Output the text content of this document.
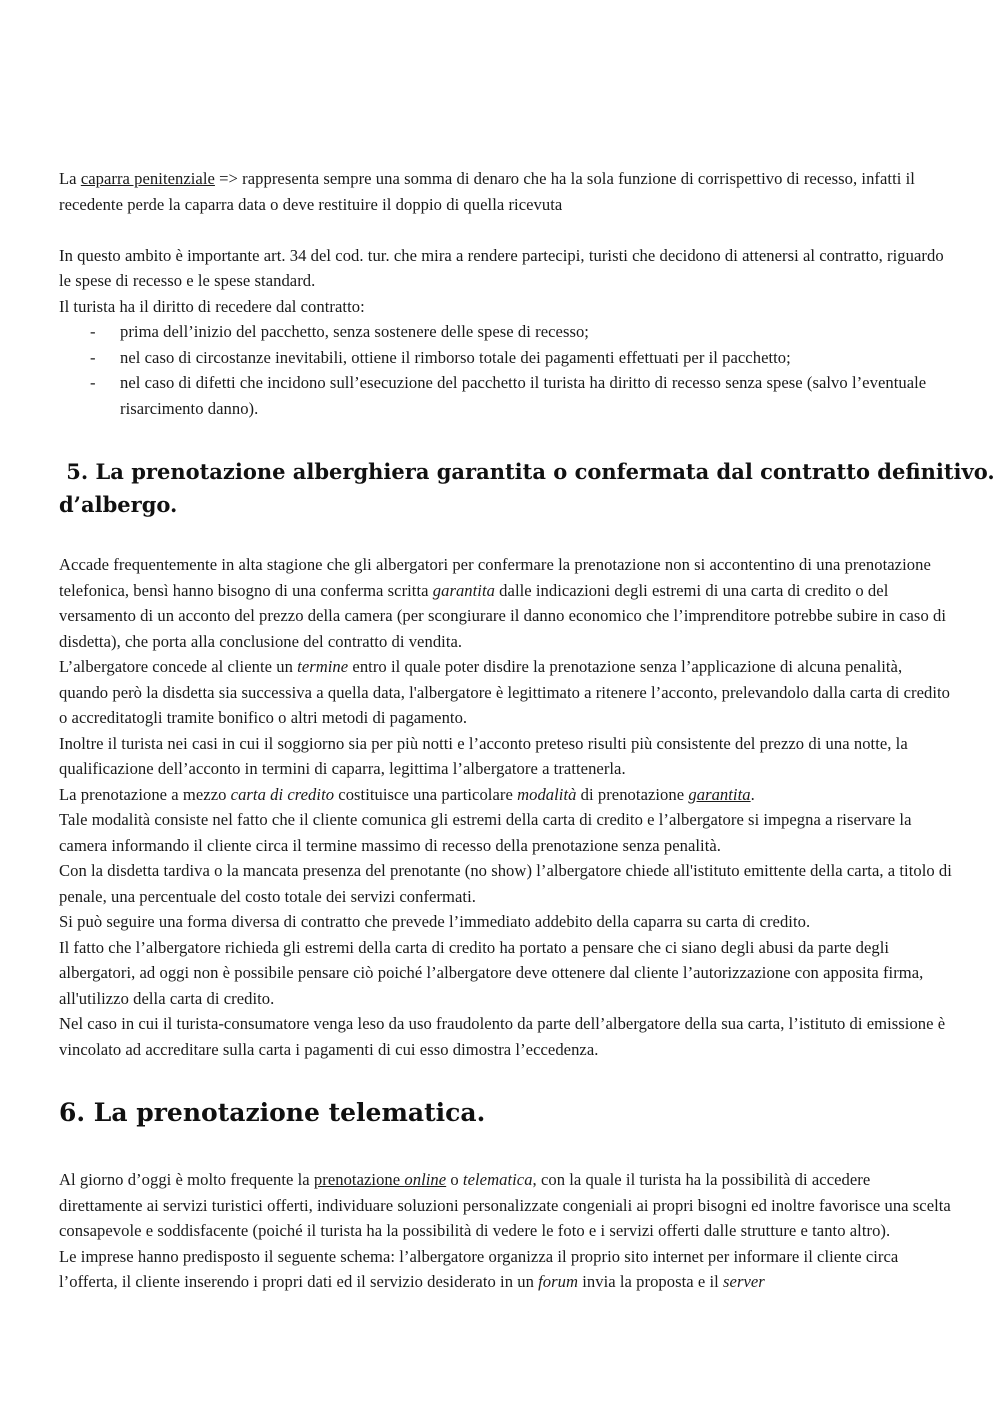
La caparra penitenziale => rappresenta sempre una somma di denaro che ha la sola funzione di corrispettivo di recesso, infatti il recedente perde la caparra data o deve restituire il doppio di quella ricevuta

In questo ambito è importante art. 34 del cod. tur. che mira a rendere partecipi, turisti che decidono di attenersi al contratto, riguardo le spese di recesso e le spese standard.

Il turista ha il diritto di recedere dal contratto:

- prima dell’inizio del pacchetto, senza sostenere delle spese di recesso;
- nel caso di circostanze inevitabili, ottiene il rimborso totale dei pagamenti effettuati per il pacchetto;
- nel caso di difetti che incidono sull’esecuzione del pacchetto il turista ha diritto di recesso senza spese (salvo l’eventuale risarcimento danno).
5. La prenotazione alberghiera garantita o confermata dal contratto definitivo.
d’albergo.

Accade frequentemente in alta stagione che gli albergatori per confermare la prenotazione non si accontentino di una prenotazione telefonica, bensì hanno bisogno di una conferma scritta garantita dalle indicazioni degli estremi di una carta di credito o del versamento di un acconto del prezzo della camera (per scongiurare il danno economico che l’imprenditore potrebbe subire in caso di disdetta), che porta alla conclusione del contratto di vendita.

L’albergatore concede al cliente un termine entro il quale poter disdire la prenotazione senza l’applicazione di alcuna penalità, quando però la disdetta sia successiva a quella data, l'albergatore è legittimato a ritenere l’acconto, prelevandolo dalla carta di credito o accreditatogli tramite bonifico o altri metodi di pagamento.

Inoltre il turista nei casi in cui il soggiorno sia per più notti e l’acconto preteso risulti più consistente del prezzo di una notte, la qualificazione dell’acconto in termini di caparra, legittima l’albergatore a trattenerla.

La prenotazione a mezzo carta di credito costituisce una particolare modalità di prenotazione garantita.

Tale modalità consiste nel fatto che il cliente comunica gli estremi della carta di credito e l’albergatore si impegna a riservare la camera informando il cliente circa il termine massimo di recesso della prenotazione senza penalità.

Con la disdetta tardiva o la mancata presenza del prenotante (no show) l’albergatore chiede all'istituto emittente della carta, a titolo di penale, una percentuale del costo totale dei servizi confermati.

Si può seguire una forma diversa di contratto che prevede l’immediato addebito della caparra su carta di credito.

Il fatto che l’albergatore richieda gli estremi della carta di credito ha portato a pensare che ci siano degli abusi da parte degli albergatori, ad oggi non è possibile pensare ciò poiché l’albergatore deve ottenere dal cliente l’autorizzazione con apposita firma, all'utilizzo della carta di credito.

Nel caso in cui il turista-consumatore venga leso da uso fraudolento da parte dell’albergatore della sua carta, l’istituto di emissione è vincolato ad accreditare sulla carta i pagamenti di cui esso dimostra l’eccedenza.

6. La prenotazione telematica.

Al giorno d’oggi è molto frequente la prenotazione online o telematica, con la quale il turista ha la possibilità di accedere direttamente ai servizi turistici offerti, individuare soluzioni personalizzate congeniali ai propri bisogni ed inoltre favorisce una scelta consapevole e soddisfacente (poiché il turista ha la possibilità di vedere le foto e i servizi offerti dalle strutture e tanto altro).

Le imprese hanno predisposto il seguente schema: l’albergatore organizza il proprio sito internet per informare il cliente circa l’offerta, il cliente inserendo i propri dati ed il servizio desiderato in un forum invia la proposta e il server
